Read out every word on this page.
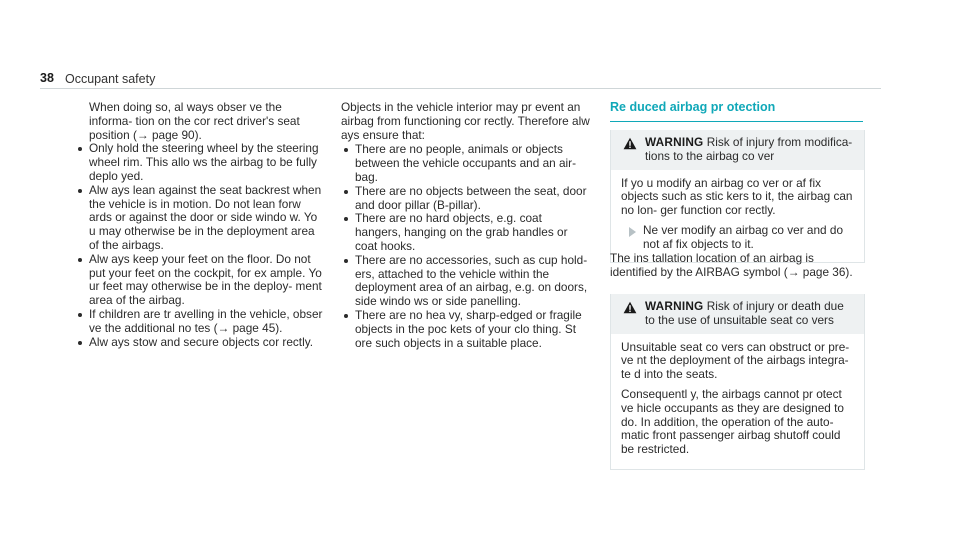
38 Occupant safety

When doing so, al ways obser ve the informa‐ tion on the cor rect driver's seat position (→ page 90).

Only hold the steering wheel by the steering wheel rim. This allo ws the airbag to be fully deplo yed.
Alw ays lean against the seat backrest when the vehicle is in motion. Do not lean forw ards or against the door or side windo w. Yo u may otherwise be in the deployment area of the airbags.
Alw ays keep your feet on the floor. Do not put your feet on the cockpit, for ex ample. Yo ur feet may otherwise be in the deploy‐ ment area of the airbag.
If children are tr avelling in the vehicle, obser ve the additional no tes (→ page 45).
Alw ays stow and secure objects cor rectly.

Objects in the vehicle interior may pr event an airbag from functioning cor rectly. Therefore alw ays ensure that:

There are no people, animals or objects between the vehicle occupants and an air‐ bag.
There are no objects between the seat, door and door pillar (B-pillar).
There are no hard objects, e.g. coat hangers, hanging on the grab handles or coat hooks.
There are no accessories, such as cup hold‐ ers, attached to the vehicle within the deployment area of an airbag, e.g. on doors, side windo ws or side panelling.
There are no hea vy, sharp-edged or fragile objects in the poc kets of your clo thing. St ore such objects in a suitable place.
Re duced airbag pr otection
WARNING Risk of injury from modifica‐ tions to the airbag co ver

If yo u modify an airbag co ver or af fix objects such as stic kers to it, the airbag can no lon‐ ger function cor rectly.

Ne ver modify an airbag co ver and do not af fix objects to it.
The ins tallation location of an airbag is identified by the AIRBAG symbol (→ page 36).
WARNING Risk of injury or death due to the use of unsuitable seat co vers

Unsuitable seat co vers can obstruct or pre‐ ve nt the deployment of the airbags integra‐ te d into the seats.

Consequentl y, the airbags cannot pr otect ve hicle occupants as they are designed to do. In addition, the operation of the auto‐ matic front passenger airbag shutoff could be restricted.
